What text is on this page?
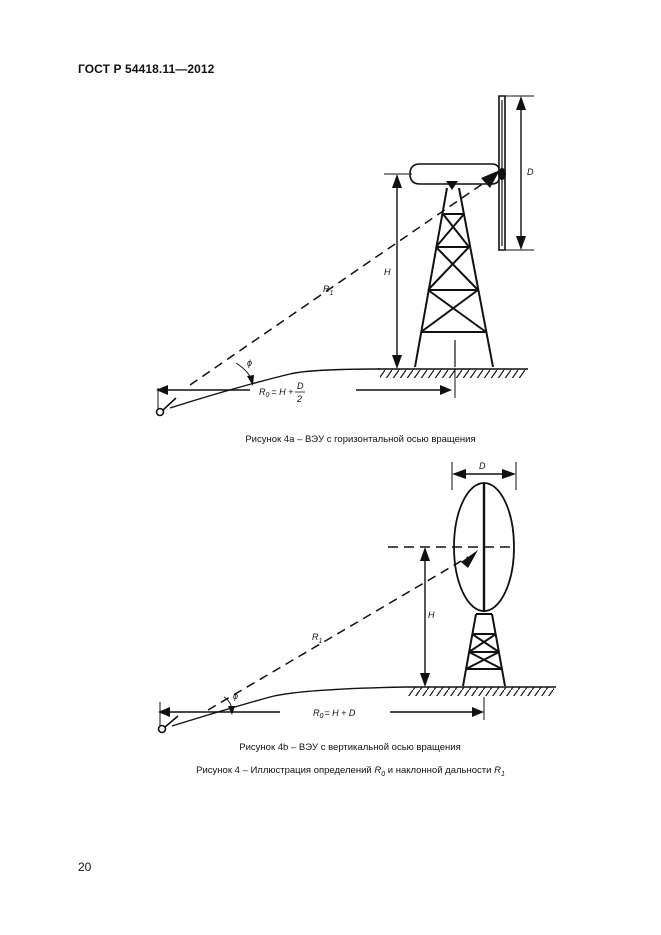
ГОСТ Р 54418.11—2012
D
H
$R_1$
ϕ
$R_0 = H$ +
D
2
Рисунок 4а – ВЭУ с горизонтальной осью вращения
D
H
$R_1$
ϕ
$R_0= H + D$
Рисунок 4b – ВЭУ с вертикальной осью вращения
Рисунок 4 – Иллюстрация определений $R_0$ и наклонной дальности $R_1$
20
